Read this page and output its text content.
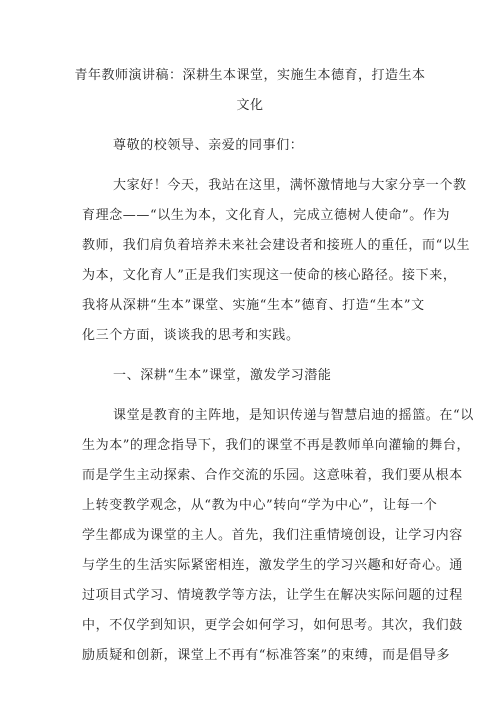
青年教师演讲稿：深耕生本课堂，实施生本德育，打造生本
文化
尊敬的校领导、亲爱的同事们：
大家好！今天，我站在这里，满怀激情地与大家分享一个教
育理念——“以生为本，文化育人，完成立德树人使命”。作为
教师，我们肩负着培养未来社会建设者和接班人的重任，而“以生
为本，文化育人”正是我们实现这一使命的核心路径。接下来，
我将从深耕“生本”课堂、实施“生本”德育、打造“生本”文
化三个方面，谈谈我的思考和实践。
一、深耕“生本”课堂，激发学习潜能
课堂是教育的主阵地，是知识传递与智慧启迪的摇篮。在“以
生为本”的理念指导下，我们的课堂不再是教师单向灌输的舞台，
而是学生主动探索、合作交流的乐园。这意味着，我们要从根本
上转变教学观念，从“教为中心”转向“学为中心”，让每一个
学生都成为课堂的主人。首先，我们注重情境创设，让学习内容
与学生的生活实际紧密相连，激发学生的学习兴趣和好奇心。通
过项目式学习、情境教学等方法，让学生在解决实际问题的过程
中，不仅学到知识，更学会如何学习，如何思考。其次，我们鼓
励质疑和创新，课堂上不再有“标准答案”的束缚，而是倡导多
